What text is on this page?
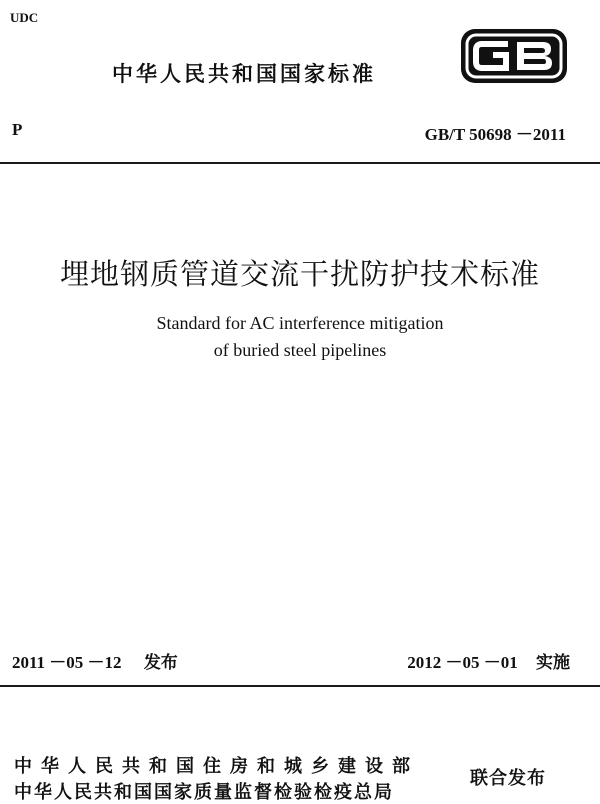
UDC
中华人民共和国国家标准
P	GB/T 50698 －2011
埋地钢质管道交流干扰防护技术标准
Standard for AC interference mitigation
of buried steel pipelines
2011 －05 －12 发布	2012 －05 －01 实施
中华人民共和国住房和城乡建设部
中华人民共和国国家质量监督检验检疫总局
联合发布
